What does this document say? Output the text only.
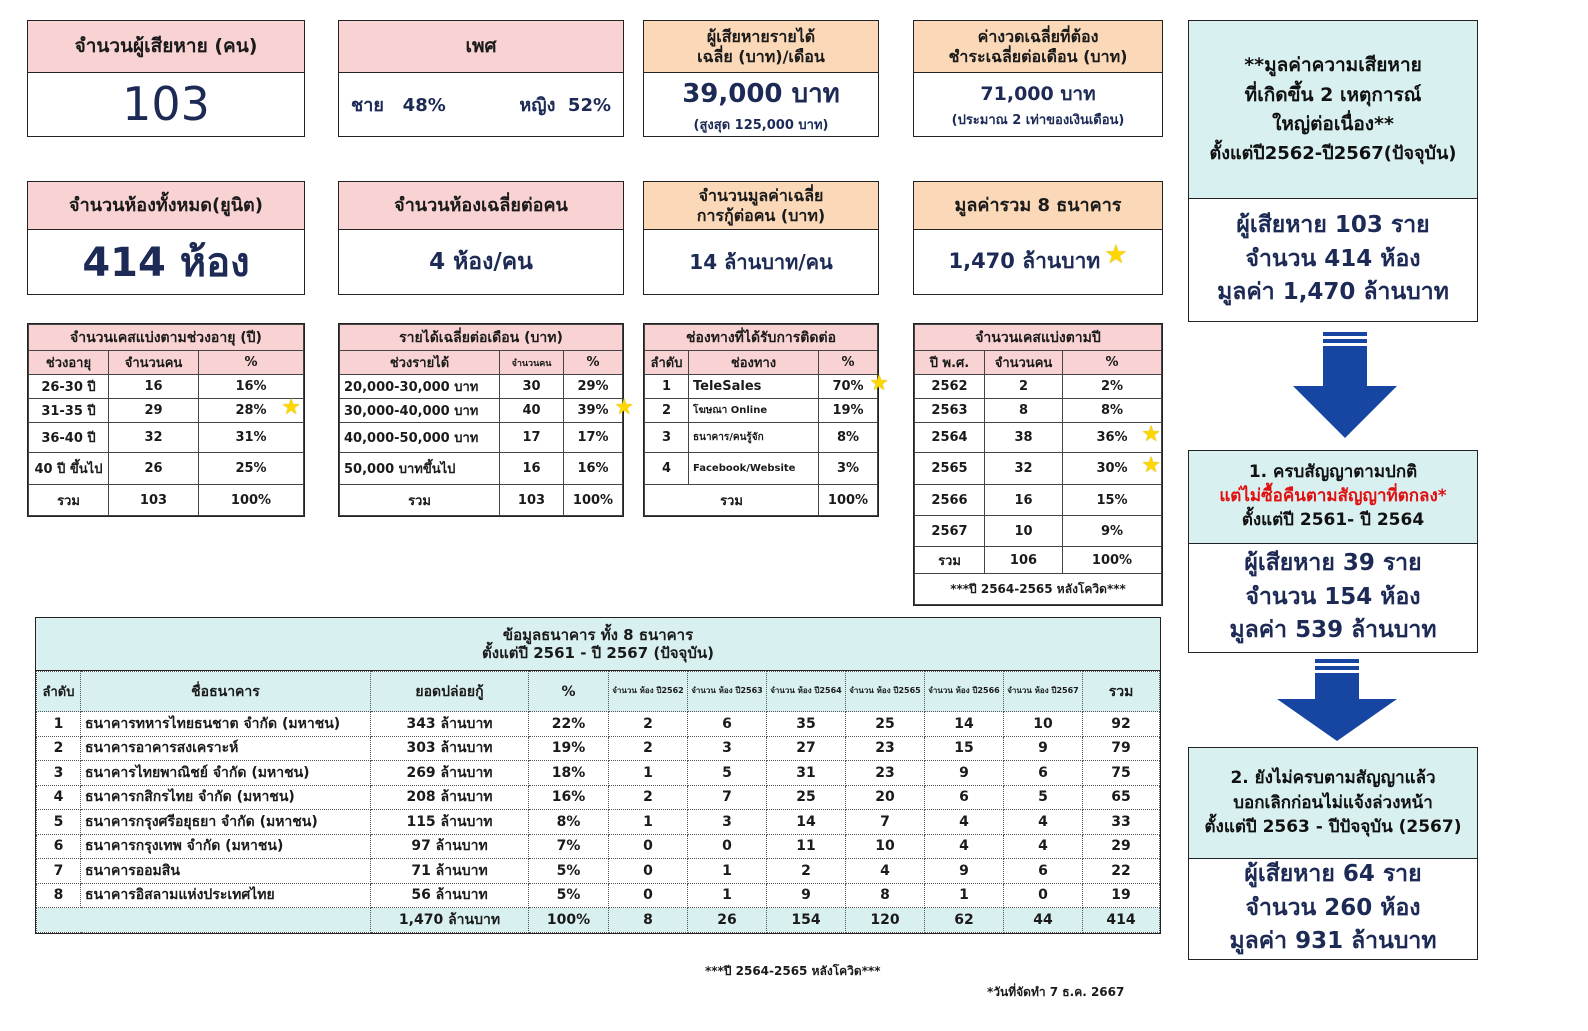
จำนวนผู้เสียหาย (คน)
103
เพศ
ชาย   48%	หญิง  52%
ผู้เสียหายรายได้
เฉลี่ย (บาท)/เดือน
39,000 บาท
(สูงสุด 125,000 บาท)
ค่างวดเฉลี่ยที่ต้อง
ชำระเฉลี่ยต่อเดือน (บาท)
71,000 บาท
(ประมาณ 2 เท่าของเงินเดือน)
จำนวนห้องทั้งหมด(ยูนิต)
414 ห้อง
จำนวนห้องเฉลี่ยต่อคน
4 ห้อง/คน
จำนวนมูลค่าเฉลี่ย
การกู้ต่อคน (บาท)
14 ล้านบาท/คน
มูลค่ารวม 8 ธนาคาร
1,470 ล้านบาท ★
จำนวนเคสแบ่งตามช่วงอายุ (ปี)		
ช่วงอายุ	จำนวนคน	%
26-30 ปี	16	16%
31-35 ปี	29	28% ★

36-40 ปี	32	31%
40 ปี ขึ้นไป	26	25%
รวม	103	100%
รายได้เฉลี่ยต่อเดือน (บาท)		
ช่วงรายได้	จำนวนคน	%
20,000-30,000 บาท	30	29%
30,000-40,000 บาท	40	39% ★

40,000-50,000 บาท	17	17%
50,000 บาทขึ้นไป	16	16%
รวม	103	100%
ช่องทางที่ได้รับการติดต่อ		
ลำดับ	ช่องทาง	%
1	TeleSales	70% ★

2	โฆษณา Online	19%
3	ธนาคาร/คนรู้จัก	8%
4	Facebook/Website	3%
รวม		100%
จำนวนเคสแบ่งตามปี		
ปี พ.ศ.	จำนวนคน	%
2562	2	2%
2563	8	8%
2564	38	36% ★

2565	32	30% ★

2566	16	15%
2567	10	9%
รวม	106	100%
***ปี 2564-2565 หลังโควิด***		
ข้อมูลธนาคาร ทั้ง 8 ธนาคาร
ตั้งแต่ปี 2561 - ปี 2567 (ปัจจุบัน)
ลำดับ	ชื่อธนาคาร	ยอดปล่อยกู้	%	จำนวน ห้อง ปี2562	จำนวน ห้อง ปี2563	จำนวน ห้อง ปี2564	จำนวน ห้อง ปี2565	จำนวน ห้อง ปี2566	จำนวน ห้อง ปี2567	รวม
1	ธนาคารทหารไทยธนชาต จำกัด (มหาชน)	343 ล้านบาท	22%	2	6	35	25	14	10	92
2	ธนาคารอาคารสงเคราะห์	303 ล้านบาท	19%	2	3	27	23	15	9	79
3	ธนาคารไทยพาณิชย์ จำกัด (มหาชน)	269 ล้านบาท	18%	1	5	31	23	9	6	75
4	ธนาคารกสิกรไทย จำกัด (มหาชน)	208 ล้านบาท	16%	2	7	25	20	6	5	65
5	ธนาคารกรุงศรีอยุธยา จำกัด (มหาชน)	115 ล้านบาท	8%	1	3	14	7	4	4	33
6	ธนาคารกรุงเทพ จำกัด (มหาชน)	97 ล้านบาท	7%	0	0	11	10	4	4	29
7	ธนาคารออมสิน	71 ล้านบาท	5%	0	1	2	4	9	6	22
8	ธนาคารอิสลามแห่งประเทศไทย	56 ล้านบาท	5%	0	1	9	8	1	0	19
		1,470 ล้านบาท	100%	8	26	154	120	62	44	414
**มูลค่าความเสียหาย
ที่เกิดขึ้น 2 เหตุการณ์
ใหญ่ต่อเนื่อง**
ตั้งแต่ปี2562-ปี2567(ปัจจุบัน)
ผู้เสียหาย 103 ราย
จำนวน 414 ห้อง
มูลค่า 1,470 ล้านบาท
1. ครบสัญญาตามปกติ
แต่ไม่ซื้อคืนตามสัญญาที่ตกลง*
ตั้งแต่ปี 2561- ปี 2564
ผู้เสียหาย 39 ราย
จำนวน 154 ห้อง
มูลค่า 539 ล้านบาท
2. ยังไม่ครบตามสัญญาแล้ว
บอกเลิกก่อนไม่แจ้งล่วงหน้า
ตั้งแต่ปี 2563 - ปีปัจจุบัน (2567)
ผู้เสียหาย 64 ราย
จำนวน 260 ห้อง
มูลค่า 931 ล้านบาท
***ปี 2564-2565 หลังโควิด***
*วันที่จัดทำ 7 ธ.ค. 2667
